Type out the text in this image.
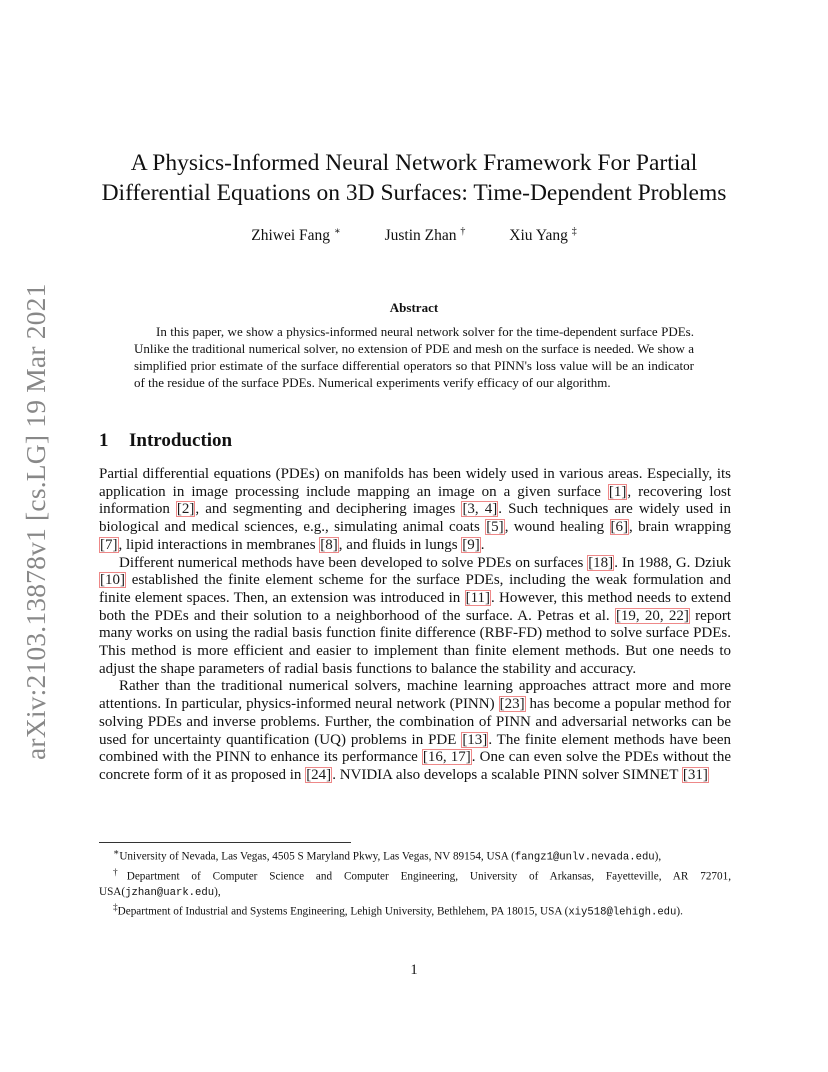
arXiv:2103.13878v1 [cs.LG] 19 Mar 2021
A Physics-Informed Neural Network Framework For Partial
Differential Equations on 3D Surfaces: Time-Dependent Problems
Zhiwei Fang ∗	Justin Zhan †	Xiu Yang ‡
Abstract

In this paper, we show a physics-informed neural network solver for the time-dependent surface PDEs. Unlike the traditional numerical solver, no extension of PDE and mesh on the surface is needed. We show a simplified prior estimate of the surface differential operators so that PINN's loss value will be an indicator of the residue of the surface PDEs. Numerical experiments verify efficacy of our algorithm.

1 Introduction

Partial differential equations (PDEs) on manifolds has been widely used in various areas. Especially, its application in image processing include mapping an image on a given surface [1], recovering lost information [2], and segmenting and deciphering images [3, 4]. Such techniques are widely used in biological and medical sciences, e.g., simulating animal coats [5], wound healing [6], brain wrapping [7], lipid interactions in membranes [8], and fluids in lungs [9].

Different numerical methods have been developed to solve PDEs on surfaces [18]. In 1988, G. Dziuk [10] established the finite element scheme for the surface PDEs, including the weak formulation and finite element spaces. Then, an extension was introduced in [11]. However, this method needs to extend both the PDEs and their solution to a neighborhood of the surface. A. Petras et al. [19, 20, 22] report many works on using the radial basis function finite difference (RBF-FD) method to solve surface PDEs. This method is more efficient and easier to implement than finite element methods. But one needs to adjust the shape parameters of radial basis functions to balance the stability and accuracy.

Rather than the traditional numerical solvers, machine learning approaches attract more and more attentions. In particular, physics-informed neural network (PINN) [23] has become a popular method for solving PDEs and inverse problems. Further, the combination of PINN and adversarial networks can be used for uncertainty quantification (UQ) problems in PDE [13]. The finite element methods have been combined with the PINN to enhance its performance [16, 17]. One can even solve the PDEs without the concrete form of it as proposed in [24]. NVIDIA also develops a scalable PINN solver SIMNET [31]

∗University of Nevada, Las Vegas, 4505 S Maryland Pkwy, Las Vegas, NV 89154, USA (fangz1@unlv.nevada.edu),

†Department of Computer Science and Computer Engineering, University of Arkansas, Fayetteville, AR 72701, USA(jzhan@uark.edu),

‡Department of Industrial and Systems Engineering, Lehigh University, Bethlehem, PA 18015, USA (xiy518@lehigh.edu).

1
